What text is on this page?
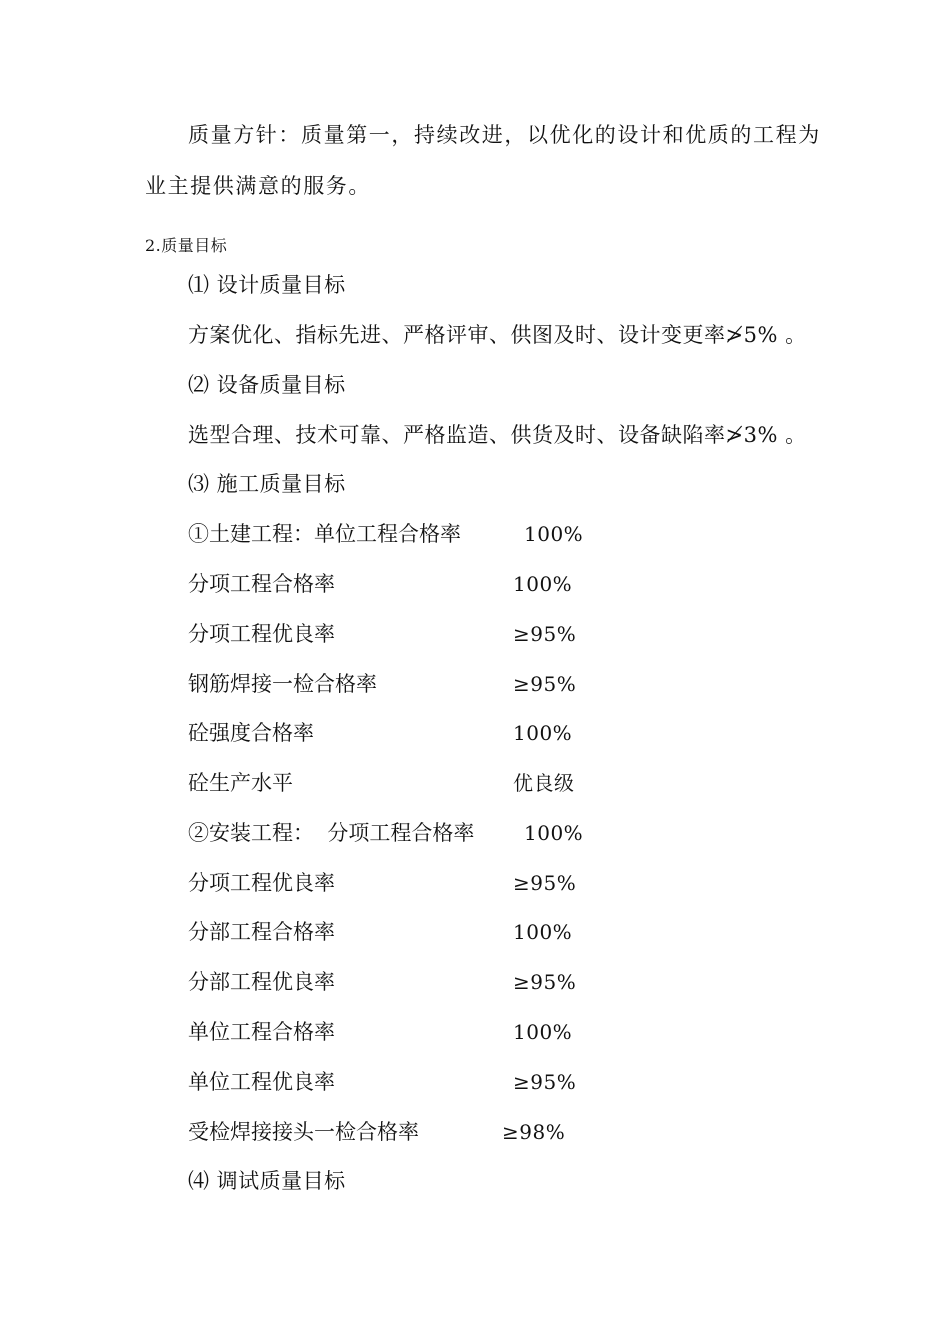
质量方针：质量第一，持续改进，以优化的设计和优质的工程为
业主提供满意的服务。
2.质量目标
⑴ 设计质量目标
方案优化、指标先进、严格评审、供图及时、设计变更率≯5% 。
⑵ 设备质量目标
选型合理、技术可靠、严格监造、供货及时、设备缺陷率≯3% 。
⑶ 施工质量目标
①土建工程：单位工程合格率	100%
分项工程合格率	100%
分项工程优良率	≥95%
钢筋焊接一检合格率	≥95%
砼强度合格率	100%
砼生产水平	优良级
②安装工程：  分项工程合格率 100%
分项工程优良率	≥95%
分部工程合格率	100%
分部工程优良率	≥95%
单位工程合格率	100%
单位工程优良率	≥95%
受检焊接接头一检合格率	≥98%
⑷ 调试质量目标
